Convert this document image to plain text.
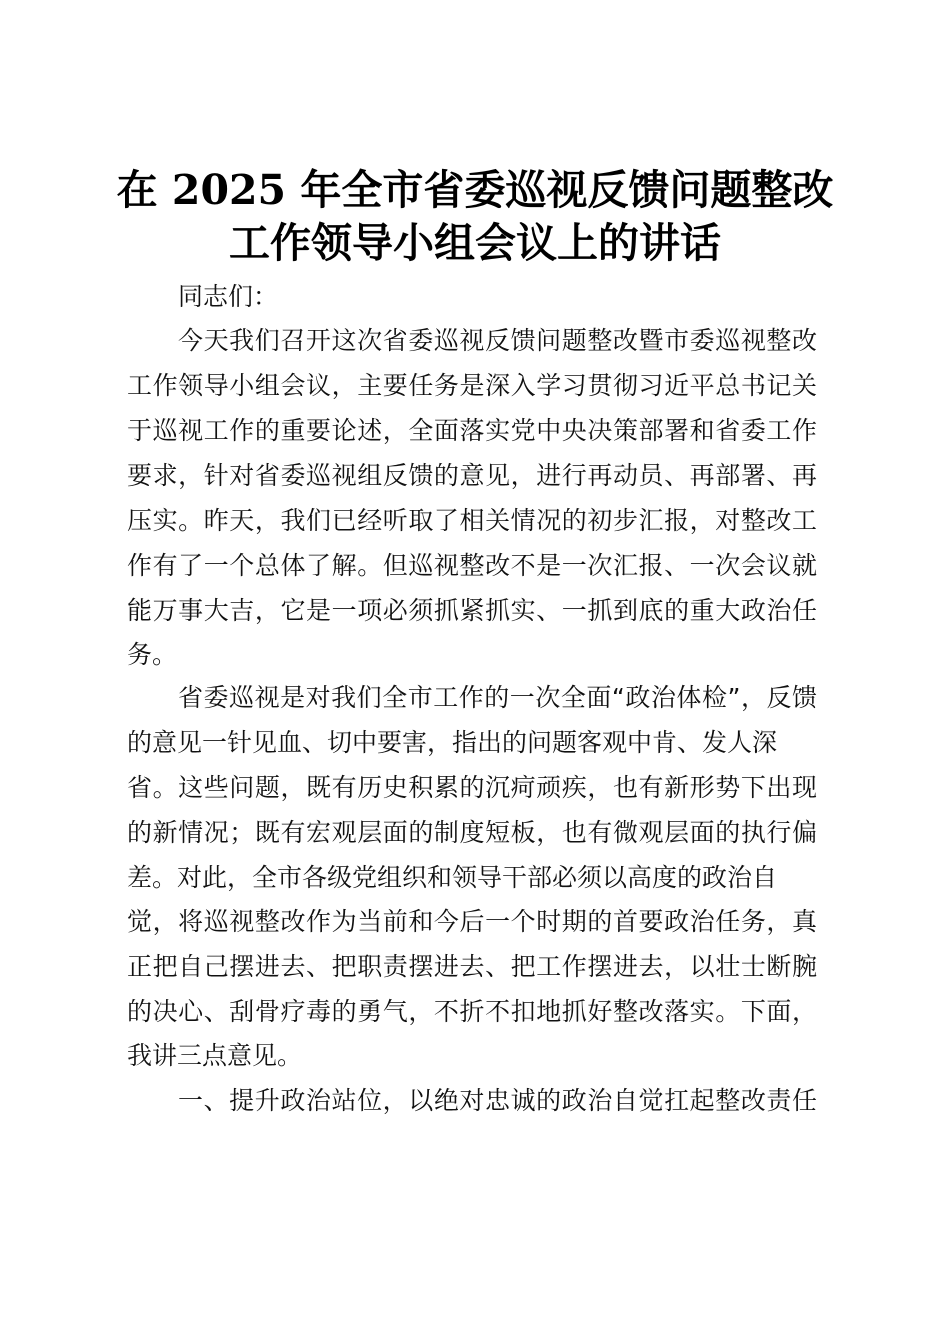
在 2025 年全市省委巡视反馈问题整改
工作领导小组会议上的讲话
同志们：
今天我们召开这次省委巡视反馈问题整改暨市委巡视整改
工作领导小组会议，主要任务是深入学习贯彻习近平总书记关
于巡视工作的重要论述，全面落实党中央决策部署和省委工作
要求，针对省委巡视组反馈的意见，进行再动员、再部署、再
压实。昨天，我们已经听取了相关情况的初步汇报，对整改工
作有了一个总体了解。但巡视整改不是一次汇报、一次会议就
能万事大吉，它是一项必须抓紧抓实、一抓到底的重大政治任
务。
省委巡视是对我们全市工作的一次全面“政治体检”，反馈
的意见一针见血、切中要害，指出的问题客观中肯、发人深
省。这些问题，既有历史积累的沉疴顽疾，也有新形势下出现
的新情况；既有宏观层面的制度短板，也有微观层面的执行偏
差。对此，全市各级党组织和领导干部必须以高度的政治自
觉，将巡视整改作为当前和今后一个时期的首要政治任务，真
正把自己摆进去、把职责摆进去、把工作摆进去，以壮士断腕
的决心、刮骨疗毒的勇气，不折不扣地抓好整改落实。下面，
我讲三点意见。
一、提升政治站位，以绝对忠诚的政治自觉扛起整改责任
